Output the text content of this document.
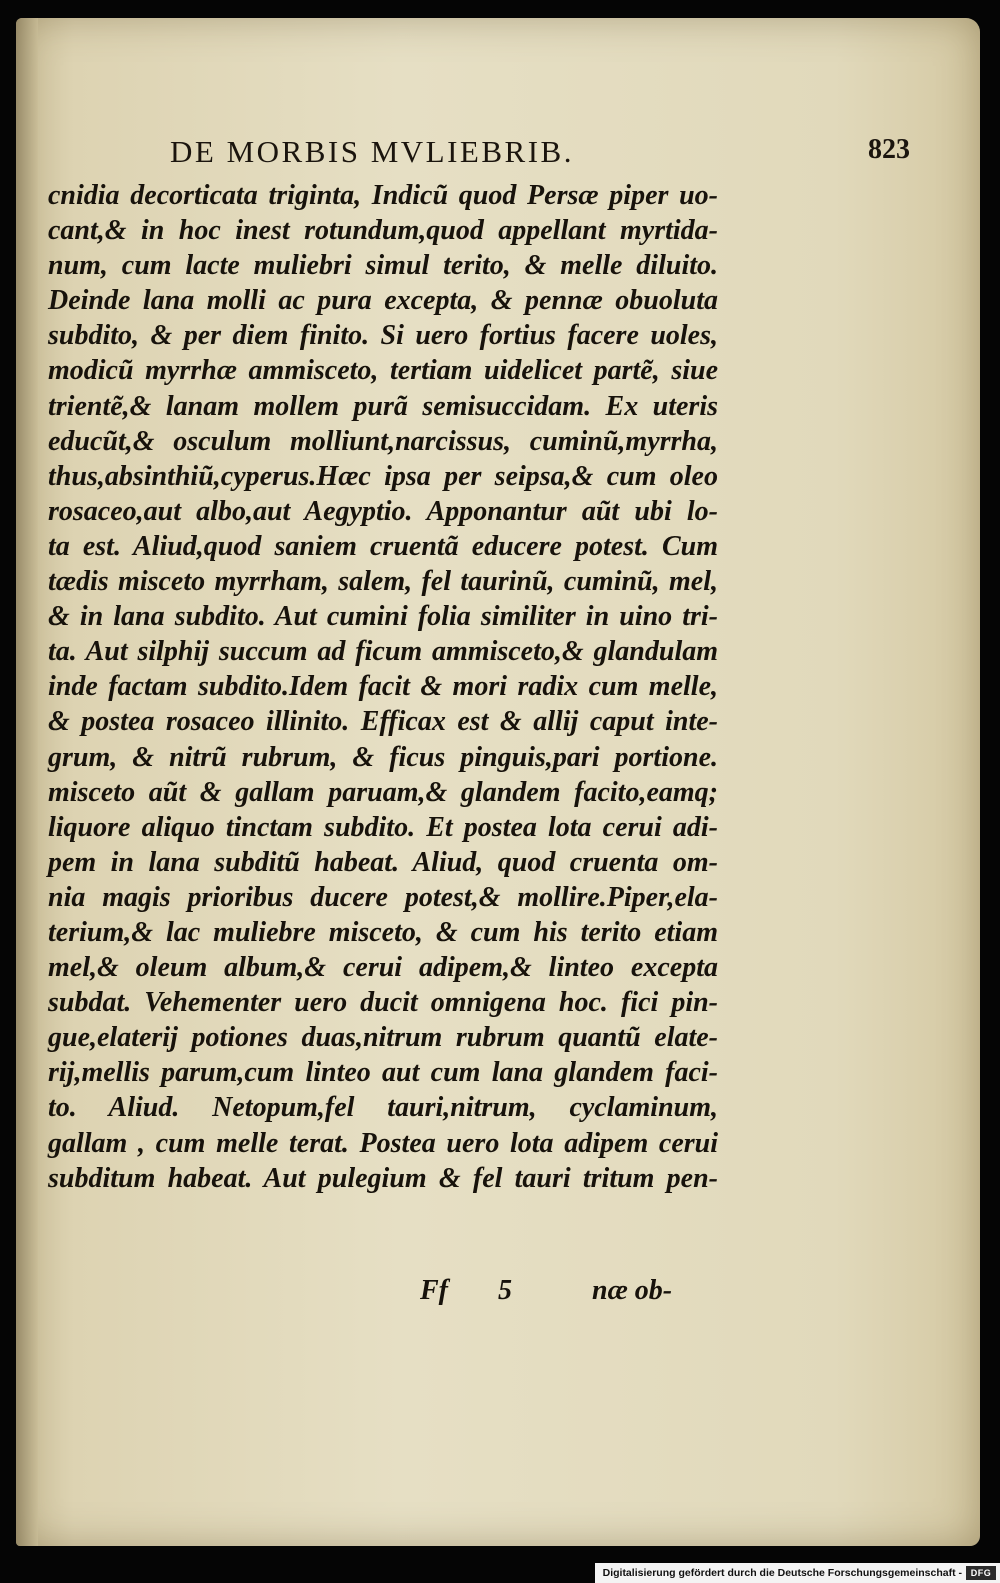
DE MORBIS MVLIEBRIB.	823
cnidia decorticata triginta, Indicũ quod Persæ piper uo-
cant,& in hoc inest rotundum,quod appellant myrtida-
num, cum lacte muliebri simul terito, & melle diluito.
Deinde lana molli ac pura excepta, & pennæ obuoluta
subdito, & per diem finito. Si uero fortius facere uoles,
modicũ myrrhæ ammisceto, tertiam uidelicet partẽ, siue
trientẽ,& lanam mollem purã semisuccidam. Ex uteris
educũt,& osculum molliunt,narcissus, cuminũ,myrrha,
thus,absinthiũ,cyperus.Hæc ipsa per seipsa,& cum oleo
rosaceo,aut albo,aut Aegyptio. Apponantur aũt ubi lo-
ta est. Aliud,quod saniem cruentã educere potest. Cum
tædis misceto myrrham, salem, fel taurinũ, cuminũ, mel,
& in lana subdito. Aut cumini folia similiter in uino tri-
ta. Aut silphij succum ad ficum ammisceto,& glandulam
inde factam subdito.Idem facit & mori radix cum melle,
& postea rosaceo illinito. Efficax est & allij caput inte-
grum, & nitrũ rubrum, & ficus pinguis,pari portione.
misceto aũt & gallam paruam,& glandem facito,eamq;
liquore aliquo tinctam subdito. Et postea lota cerui adi-
pem in lana subditũ habeat. Aliud, quod cruenta om-
nia magis prioribus ducere potest,& mollire.Piper,ela-
terium,& lac muliebre misceto, & cum his terito etiam
mel,& oleum album,& cerui adipem,& linteo excepta
subdat. Vehementer uero ducit omnigena hoc. fici pin-
gue,elaterij potiones duas,nitrum rubrum quantũ elate-
rij,mellis parum,cum linteo aut cum lana glandem faci-
to. Aliud. Netopum,fel tauri,nitrum, cyclaminum,
gallam , cum melle terat. Postea uero lota adipem cerui
subditum habeat. Aut pulegium & fel tauri tritum pen-
Ff 5	næ ob-
Digitalisierung gefördert durch die Deutsche Forschungsgemeinschaft - DFG
